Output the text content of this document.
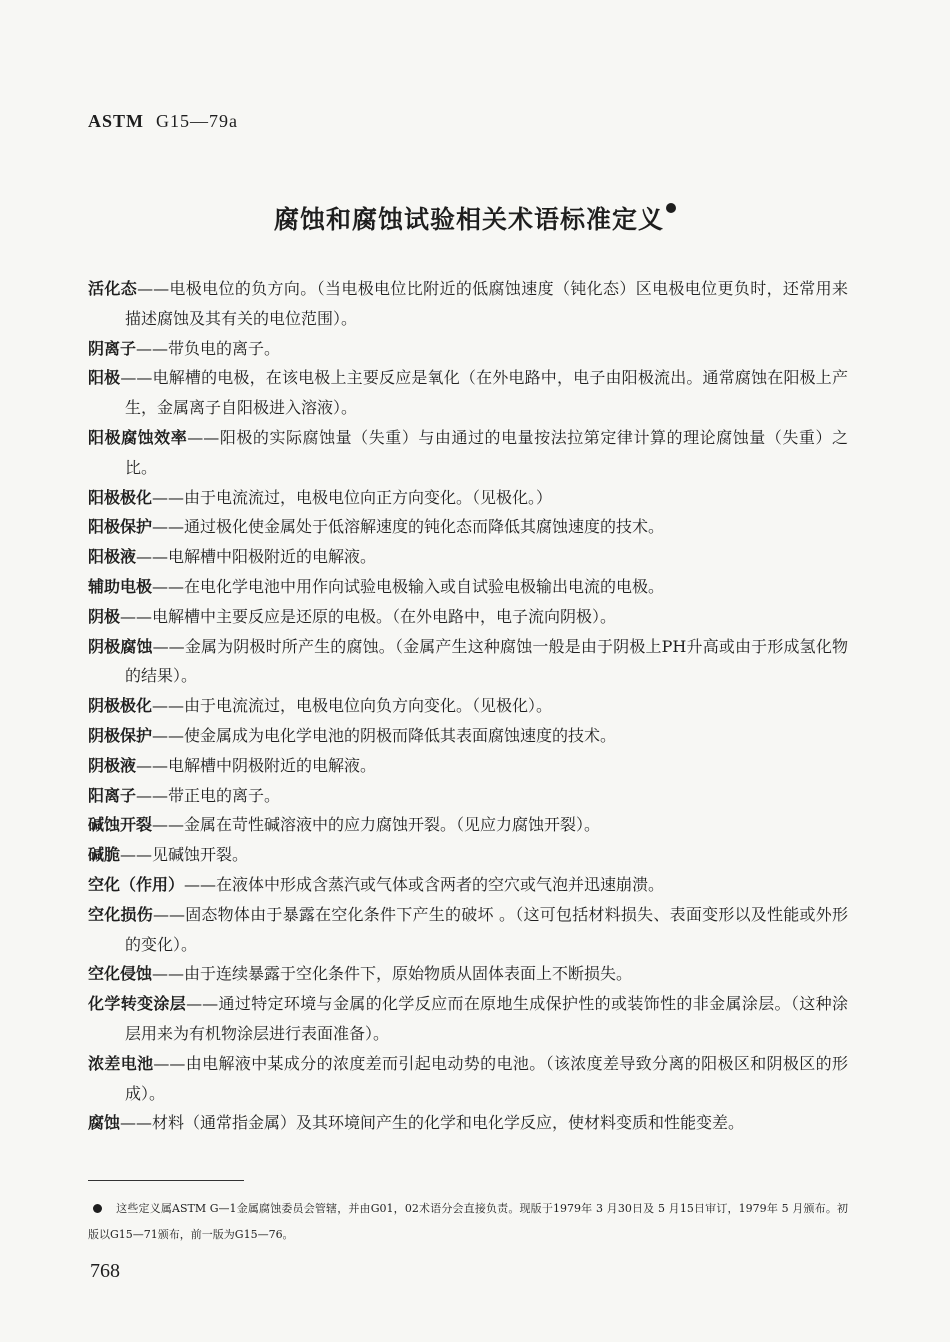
ASTM G15—79a
腐蚀和腐蚀试验相关术语标准定义
活化态——电极电位的负方向。（当电极电位比附近的低腐蚀速度（钝化态）区电极电位更负时，还常用来描述腐蚀及其有关的电位范围）。
阴离子——带负电的离子。
阳极——电解槽的电极，在该电极上主要反应是氧化（在外电路中，电子由阳极流出。通常腐蚀在阳极上产生，金属离子自阳极进入溶液）。
阳极腐蚀效率——阳极的实际腐蚀量（失重）与由通过的电量按法拉第定律计算的理论腐蚀量（失重）之比。
阳极极化——由于电流流过，电极电位向正方向变化。（见极化。）
阳极保护——通过极化使金属处于低溶解速度的钝化态而降低其腐蚀速度的技术。
阳极液——电解槽中阳极附近的电解液。
辅助电极——在电化学电池中用作向试验电极输入或自试验电极输出电流的电极。
阴极——电解槽中主要反应是还原的电极。（在外电路中，电子流向阴极）。
阴极腐蚀——金属为阴极时所产生的腐蚀。（金属产生这种腐蚀一般是由于阴极上PH升高或由于形成氢化物的结果）。
阴极极化——由于电流流过，电极电位向负方向变化。（见极化）。
阴极保护——使金属成为电化学电池的阴极而降低其表面腐蚀速度的技术。
阴极液——电解槽中阴极附近的电解液。
阳离子——带正电的离子。
碱蚀开裂——金属在苛性碱溶液中的应力腐蚀开裂。（见应力腐蚀开裂）。
碱脆——见碱蚀开裂。
空化（作用）——在液体中形成含蒸汽或气体或含两者的空穴或气泡并迅速崩溃。
空化损伤——固态物体由于暴露在空化条件下产生的破坏 。（这可包括材料损失、表面变形以及性能或外形的变化）。
空化侵蚀——由于连续暴露于空化条件下，原始物质从固体表面上不断损失。
化学转变涂层——通过特定环境与金属的化学反应而在原地生成保护性的或装饰性的非金属涂层。（这种涂层用来为有机物涂层进行表面准备）。
浓差电池——由电解液中某成分的浓度差而引起电动势的电池。（该浓度差导致分离的阳极区和阴极区的形成）。
腐蚀——材料（通常指金属）及其环境间产生的化学和电化学反应，使材料变质和性能变差。
这些定义属ASTM G—1金属腐蚀委员会管辖，并由G01，02术语分会直接负责。现版于1979年 3 月30日及 5 月15日审订，1979年 5 月颁布。初版以G15—71颁布，前一版为G15—76。
768
